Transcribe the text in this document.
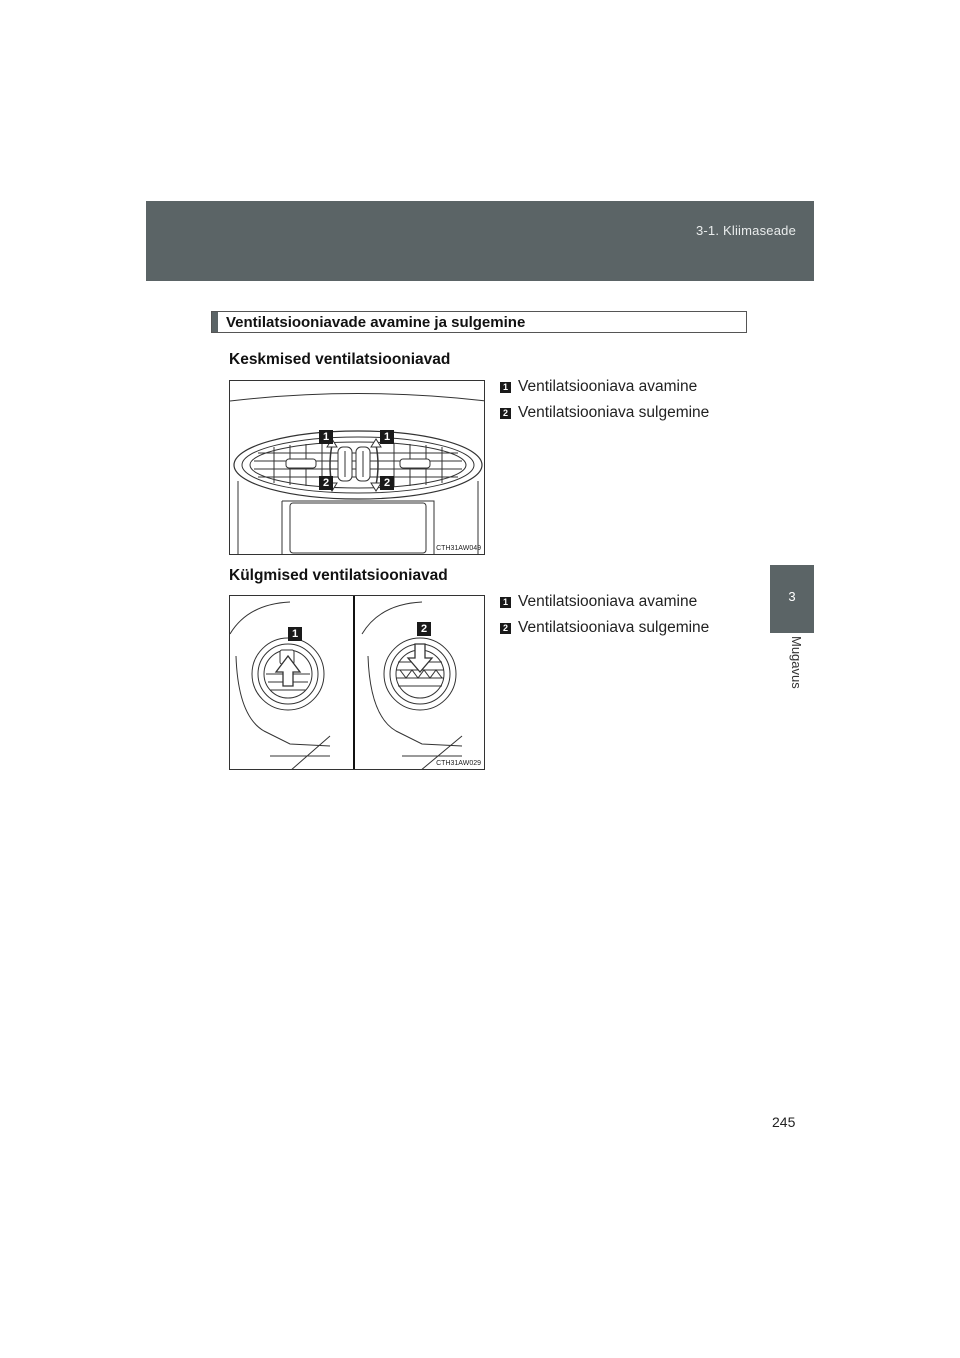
3-1. Kliimaseade
3
Mugavus
Ventilatsiooniavade avamine ja sulgemine
Keskmised ventilatsiooniavad
1	1
2	2
CTH31AW049
1 Ventilatsiooniava avamine
2 Ventilatsiooniava sulgemine
Külgmised ventilatsiooniavad
1	2
CTH31AW029
1 Ventilatsiooniava avamine
2 Ventilatsiooniava sulgemine
245
